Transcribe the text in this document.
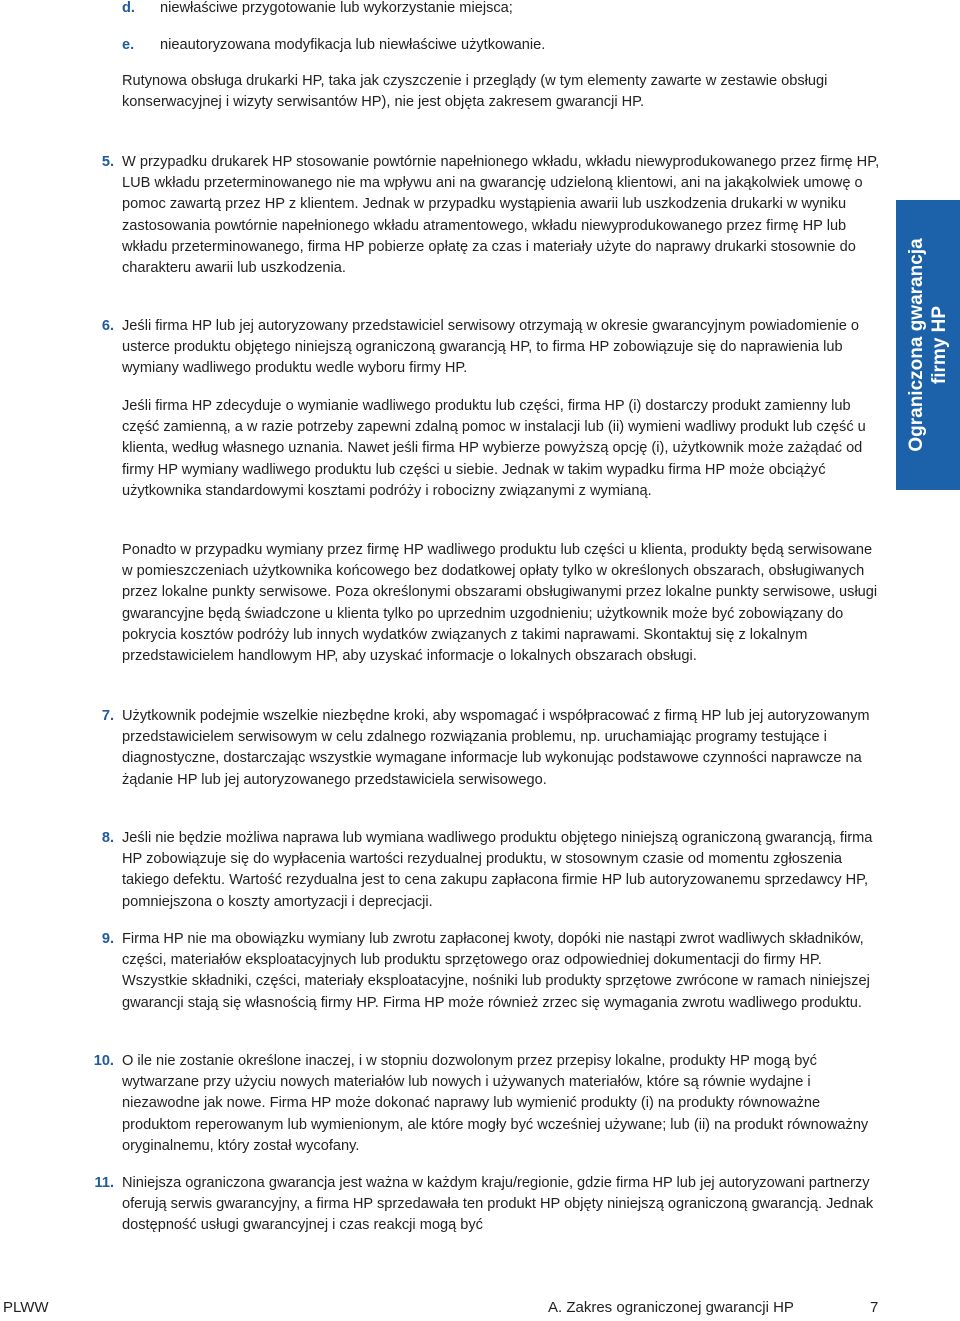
d. niewłaściwe przygotowanie lub wykorzystanie miejsca;

e. nieautoryzowana modyfikacja lub niewłaściwe użytkowanie.

Rutynowa obsługa drukarki HP, taka jak czyszczenie i przeglądy (w tym elementy zawarte w zestawie obsługi konserwacyjnej i wizyty serwisantów HP), nie jest objęta zakresem gwarancji HP.

5. W przypadku drukarek HP stosowanie powtórnie napełnionego wkładu, wkładu niewyprodukowanego przez firmę HP, LUB wkładu przeterminowanego nie ma wpływu ani na gwarancję udzieloną klientowi, ani na jakąkolwiek umowę o pomoc zawartą przez HP z klientem. Jednak w przypadku wystąpienia awarii lub uszkodzenia drukarki w wyniku zastosowania powtórnie napełnionego wkładu atramentowego, wkładu niewyprodukowanego przez firmę HP lub wkładu przeterminowanego, firma HP pobierze opłatę za czas i materiały użyte do naprawy drukarki stosownie do charakteru awarii lub uszkodzenia.

6. Jeśli firma HP lub jej autoryzowany przedstawiciel serwisowy otrzymają w okresie gwarancyjnym powiadomienie o usterce produktu objętego niniejszą ograniczoną gwarancją HP, to firma HP zobowiązuje się do naprawienia lub wymiany wadliwego produktu wedle wyboru firmy HP.

Jeśli firma HP zdecyduje o wymianie wadliwego produktu lub części, firma HP (i) dostarczy produkt zamienny lub część zamienną, a w razie potrzeby zapewni zdalną pomoc w instalacji lub (ii) wymieni wadliwy produkt lub część u klienta, według własnego uznania. Nawet jeśli firma HP wybierze powyższą opcję (i), użytkownik może zażądać od firmy HP wymiany wadliwego produktu lub części u siebie. Jednak w takim wypadku firma HP może obciążyć użytkownika standardowymi kosztami podróży i robocizny związanymi z wymianą.

Ponadto w przypadku wymiany przez firmę HP wadliwego produktu lub części u klienta, produkty będą serwisowane w pomieszczeniach użytkownika końcowego bez dodatkowej opłaty tylko w określonych obszarach, obsługiwanych przez lokalne punkty serwisowe. Poza określonymi obszarami obsługiwanymi przez lokalne punkty serwisowe, usługi gwarancyjne będą świadczone u klienta tylko po uprzednim uzgodnieniu; użytkownik może być zobowiązany do pokrycia kosztów podróży lub innych wydatków związanych z takimi naprawami. Skontaktuj się z lokalnym przedstawicielem handlowym HP, aby uzyskać informacje o lokalnych obszarach obsługi.

7. Użytkownik podejmie wszelkie niezbędne kroki, aby wspomagać i współpracować z firmą HP lub jej autoryzowanym przedstawicielem serwisowym w celu zdalnego rozwiązania problemu, np. uruchamiając programy testujące i diagnostyczne, dostarczając wszystkie wymagane informacje lub wykonując podstawowe czynności naprawcze na żądanie HP lub jej autoryzowanego przedstawiciela serwisowego.

8. Jeśli nie będzie możliwa naprawa lub wymiana wadliwego produktu objętego niniejszą ograniczoną gwarancją, firma HP zobowiązuje się do wypłacenia wartości rezydualnej produktu, w stosownym czasie od momentu zgłoszenia takiego defektu. Wartość rezydualna jest to cena zakupu zapłacona firmie HP lub autoryzowanemu sprzedawcy HP, pomniejszona o koszty amortyzacji i deprecjacji.

9. Firma HP nie ma obowiązku wymiany lub zwrotu zapłaconej kwoty, dopóki nie nastąpi zwrot wadliwych składników, części, materiałów eksploatacyjnych lub produktu sprzętowego oraz odpowiedniej dokumentacji do firmy HP. Wszystkie składniki, części, materiały eksploatacyjne, nośniki lub produkty sprzętowe zwrócone w ramach niniejszej gwarancji stają się własnością firmy HP. Firma HP może również zrzec się wymagania zwrotu wadliwego produktu.

10. O ile nie zostanie określone inaczej, i w stopniu dozwolonym przez przepisy lokalne, produkty HP mogą być wytwarzane przy użyciu nowych materiałów lub nowych i używanych materiałów, które są równie wydajne i niezawodne jak nowe. Firma HP może dokonać naprawy lub wymienić produkty (i) na produkty równoważne produktom reperowanym lub wymienionym, ale które mogły być wcześniej używane; lub (ii) na produkt równoważny oryginalnemu, który został wycofany.

11. Niniejsza ograniczona gwarancja jest ważna w każdym kraju/regionie, gdzie firma HP lub jej autoryzowani partnerzy oferują serwis gwarancyjny, a firma HP sprzedawała ten produkt HP objęty niniejszą ograniczoną gwarancją. Jednak dostępność usługi gwarancyjnej i czas reakcji mogą być

Ograniczona gwarancja firmy HP
PLWW	A. Zakres ograniczonej gwarancji HP	7
